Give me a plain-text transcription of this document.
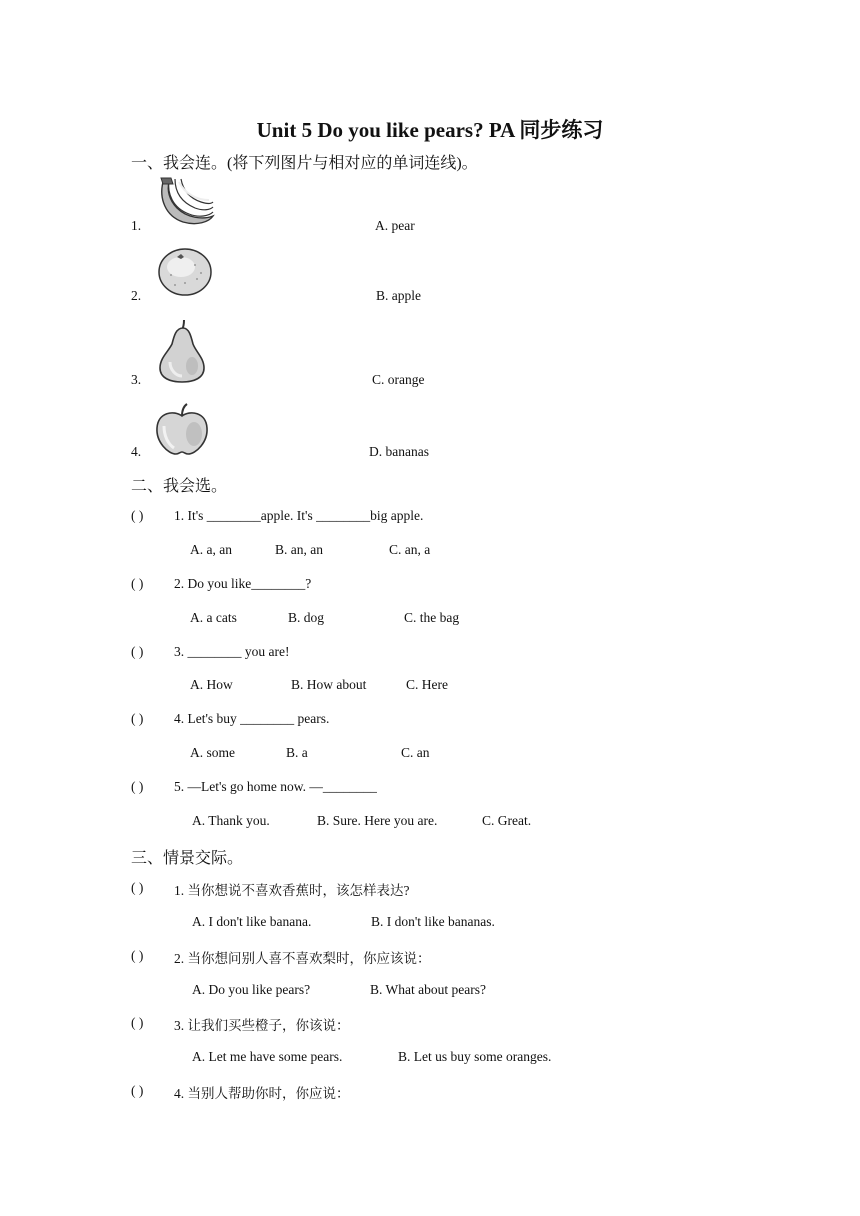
Unit 5 Do you like pears? PA 同步练习
一、我会连。(将下列图片与相对应的单词连线)。
1.	A. pear
2.	B. apple
3.	C. orange
4.	D. bananas
二、我会选。
( ) 1. It's ________apple. It's ________big apple.
A. a, an	B. an, an	C. an, a
( ) 2. Do you like________?
A. a cats	B. dog	C. the bag
( ) 3. ________ you are!
A. How	B. How about	C. Here
( ) 4. Let's buy ________ pears.
A. some	B. a	C. an
( ) 5. —Let's go home now. —________
A. Thank you.	B. Sure. Here you are.	C. Great.
三、情景交际。
( ) 1. 当你想说不喜欢香蕉时，该怎样表达?
A. I don't like banana.	B. I don't like bananas.
( ) 2. 当你想问别人喜不喜欢梨时，你应该说：
A. Do you like pears?	B. What about pears?
( ) 3. 让我们买些橙子，你该说：
A. Let me have some pears.	B. Let us buy some oranges.
( ) 4. 当别人帮助你时，你应说：
